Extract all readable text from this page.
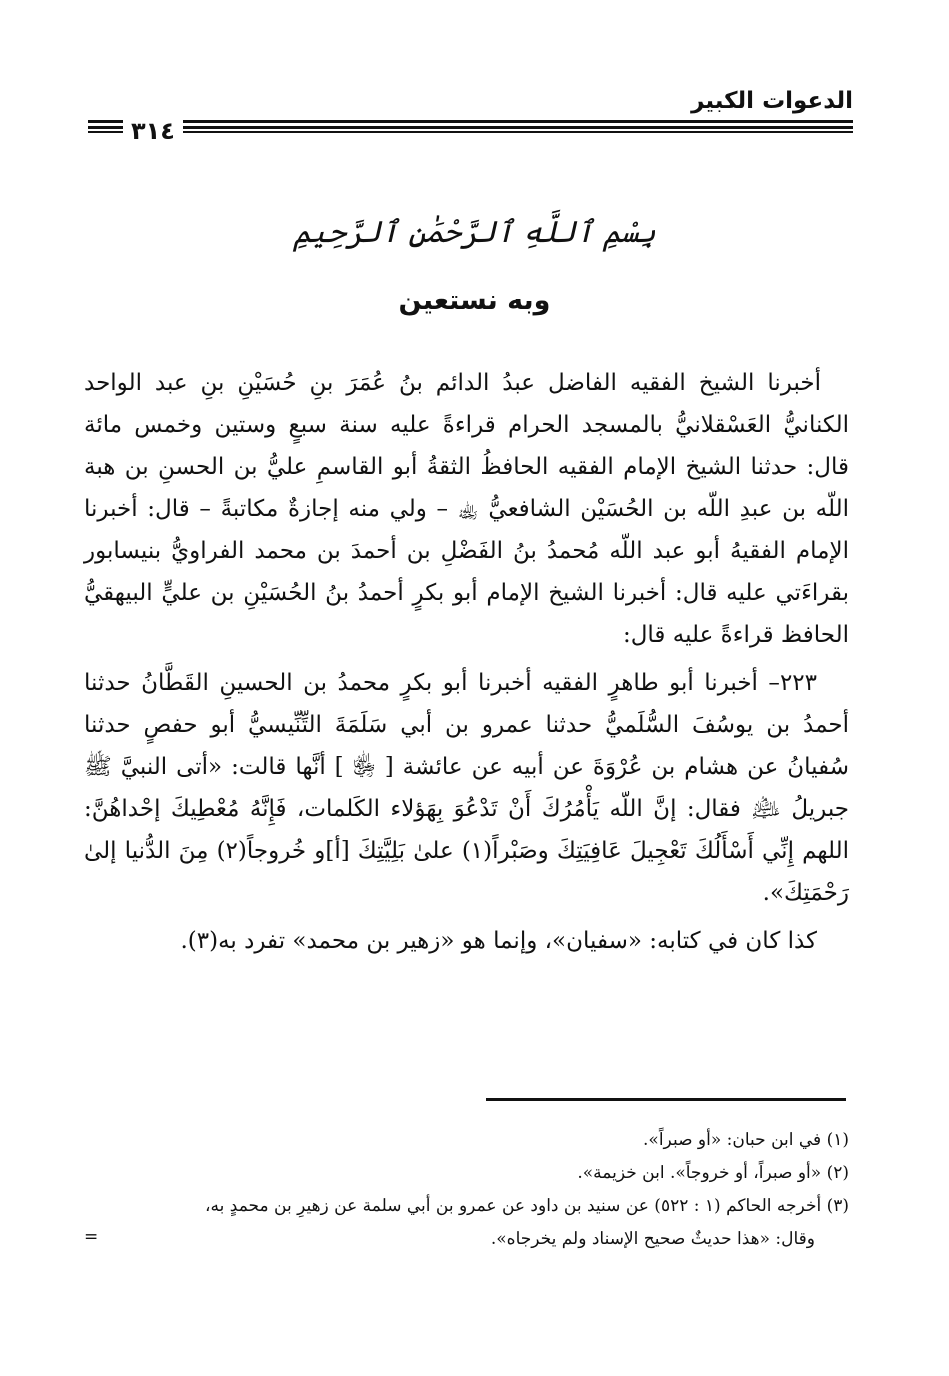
الدعوات الكبير
٣١٤
بِسْمِ ٱللَّهِ ٱلرَّحْمَٰنِ ٱلرَّحِيمِ
وبه نستعين

أخبرنا الشيخ الفقيه الفاضل عبدُ الدائم بنُ عُمَرَ بنِ حُسَيْنِ بنِ عبد الواحد الكنانيُّ العَسْقلانيُّ بالمسجد الحرام قراءةً عليه سنة سبعٍ وستين وخمس مائة قال: حدثنا الشيخ الإمام الفقيه الحافظُ الثقةُ أبو القاسمِ عليُّ بن الحسنِ بن هبة اللّه بن عبدِ اللّه بن الحُسَيْن الشافعيُّ ﵀ – ولي منه إجازةٌ مكاتبةً – قال: أخبرنا الإمام الفقيهُ أبو عبد اللّه مُحمدُ بنُ الفَضْلِ بن أحمدَ بن محمد الفراويُّ بنيسابور بقراءَتي عليه قال: أخبرنا الشيخ الإمام أبو بكرٍ أحمدُ بنُ الحُسَيْنِ بن عليٍّ البيهقيُّ الحافظ قراءةً عليه قال:

٢٢٣– أخبرنا أبو طاهرٍ الفقيه أخبرنا أبو بكرٍ محمدُ بن الحسينِ القَطَّانُ حدثنا أحمدُ بن يوسُفَ السُّلَميُّ حدثنا عمرو بن أبي سَلَمَةَ التِّنِّيسيُّ أبو حفصٍ حدثنا سُفيانُ عن هشام بن عُرْوَةَ عن أبيه عن عائشة [ ﵂ ] أنَّها قالت: «أتى النبيَّ ﷺ جبريلُ ﵇ فقال: إنَّ اللّه يَأْمُرُكَ أَنْ تَدْعُوَ بِهَؤلاء الكَلمات، فَإِنَّهُ مُعْطِيكَ إحْداهُنَّ: اللهم إِنِّي أَسْأَلُكَ تَعْجِيلَ عَافِيَتِكَ وصَبْراً(١) علىٰ بَلِيَّتِكَ [أ]و خُروجاً(٢) مِنَ الدُّنيا إلىٰ رَحْمَتِكَ».

كذا كان في كتابه: «سفيان»، وإنما هو «زهير بن محمد» تفرد به(٣).

(١) في ابن حبان: «أو صبراً».

(٢) «أو صبراً، أو خروجاً». ابن خزيمة».

(٣) أخرجه الحاكم (١ : ٥٢٢) عن سنيد بن داود عن عمرو بن أبي سلمة عن زهيرِ بن محمدٍ به،

وقال: «هذا حديثٌ صحيح الإسناد ولم يخرجاه».

=
